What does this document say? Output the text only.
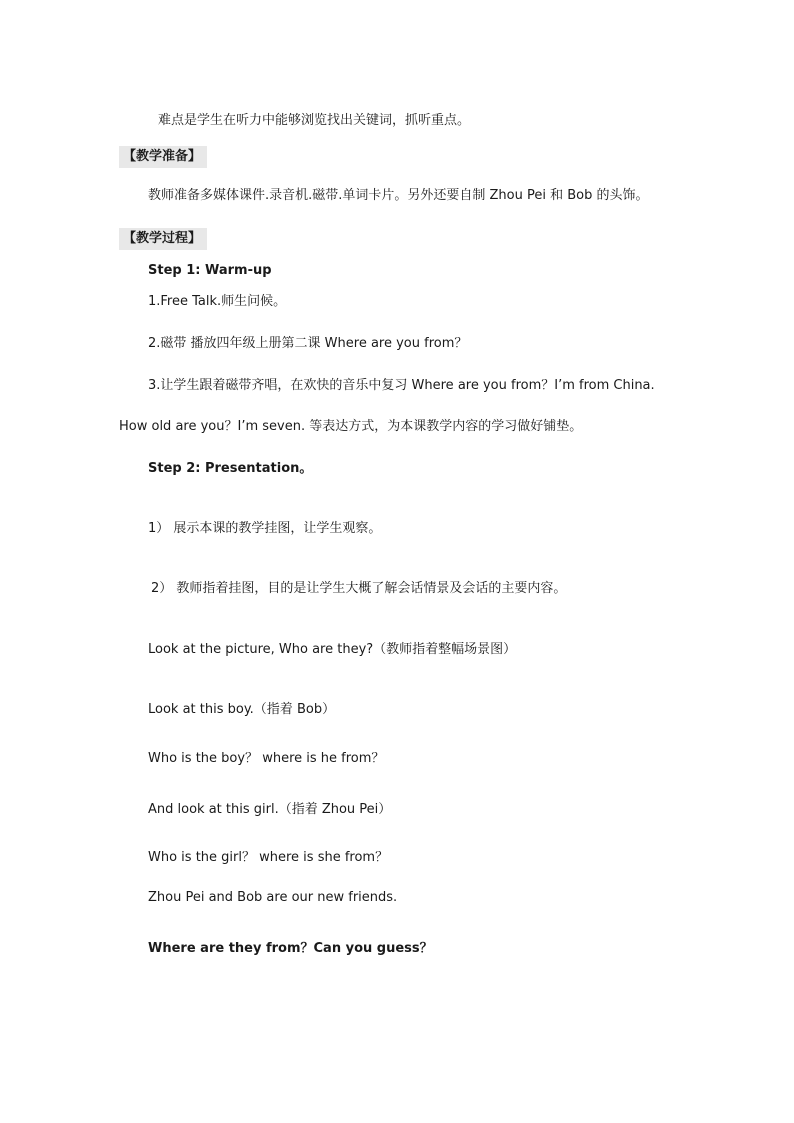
难点是学生在听力中能够浏览找出关键词，抓听重点。
【教学准备】
教师准备多媒体课件.录音机.磁带.单词卡片。另外还要自制 Zhou Pei 和 Bob 的头饰。
【教学过程】
Step 1: Warm-up
1.Free Talk.师生问候。
2.磁带 播放四年级上册第二课 Where are you from？
3.让学生跟着磁带齐唱，在欢快的音乐中复习 Where are you from？I’m from China.
How old are you？I’m seven. 等表达方式，为本课教学内容的学习做好铺垫。
Step 2: Presentation。
1） 展示本课的教学挂图，让学生观察。
2） 教师指着挂图，目的是让学生大概了解会话情景及会话的主要内容。
Look at the picture, Who are they?（教师指着整幅场景图）
Look at this boy.（指着 Bob）
Who is the boy？ where is he from？
And look at this girl.（指着 Zhou Pei）
Who is the girl？ where is she from？
Zhou Pei and Bob are our new friends.
Where are they from？Can you guess？
